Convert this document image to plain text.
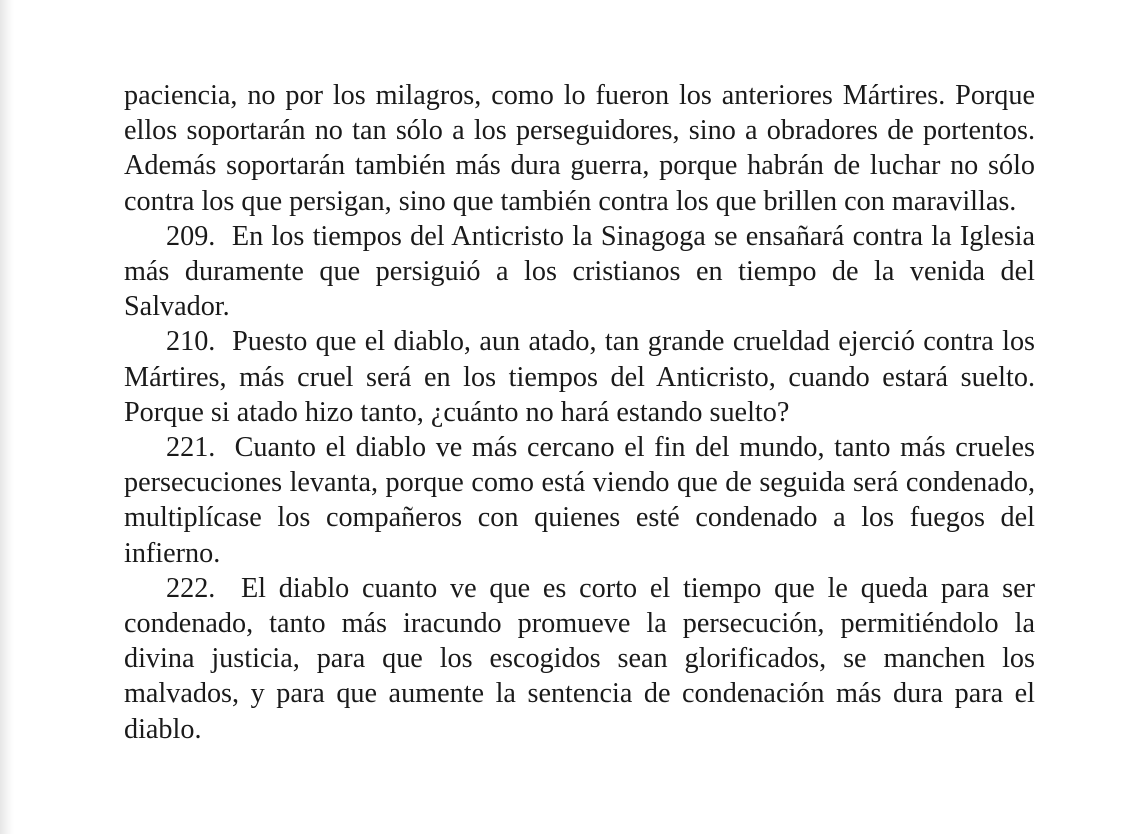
paciencia, no por los milagros, como lo fueron los anteriores Mártires. Porque ellos soportarán no tan sólo a los perseguidores, sino a obradores de portentos. Además soportarán también más dura guerra, porque habrán de luchar no sólo contra los que persigan, sino que también contra los que brillen con maravillas.

209. En los tiempos del Anticristo la Sinagoga se ensañará contra la Iglesia más duramente que persiguió a los cristianos en tiempo de la venida del Salvador.

210. Puesto que el diablo, aun atado, tan grande crueldad ejerció contra los Mártires, más cruel será en los tiempos del Anticristo, cuando estará suelto. Porque si atado hizo tanto, ¿cuánto no hará estando suelto?

221. Cuanto el diablo ve más cercano el fin del mundo, tanto más crueles persecuciones levanta, porque como está viendo que de seguida será condenado, multiplícase los compañeros con quienes esté condenado a los fuegos del infierno.

222. El diablo cuanto ve que es corto el tiempo que le queda para ser condenado, tanto más iracundo promueve la persecución, permitiéndolo la divina justicia, para que los escogidos sean glorificados, se manchen los malvados, y para que aumente la sentencia de condenación más dura para el diablo.
